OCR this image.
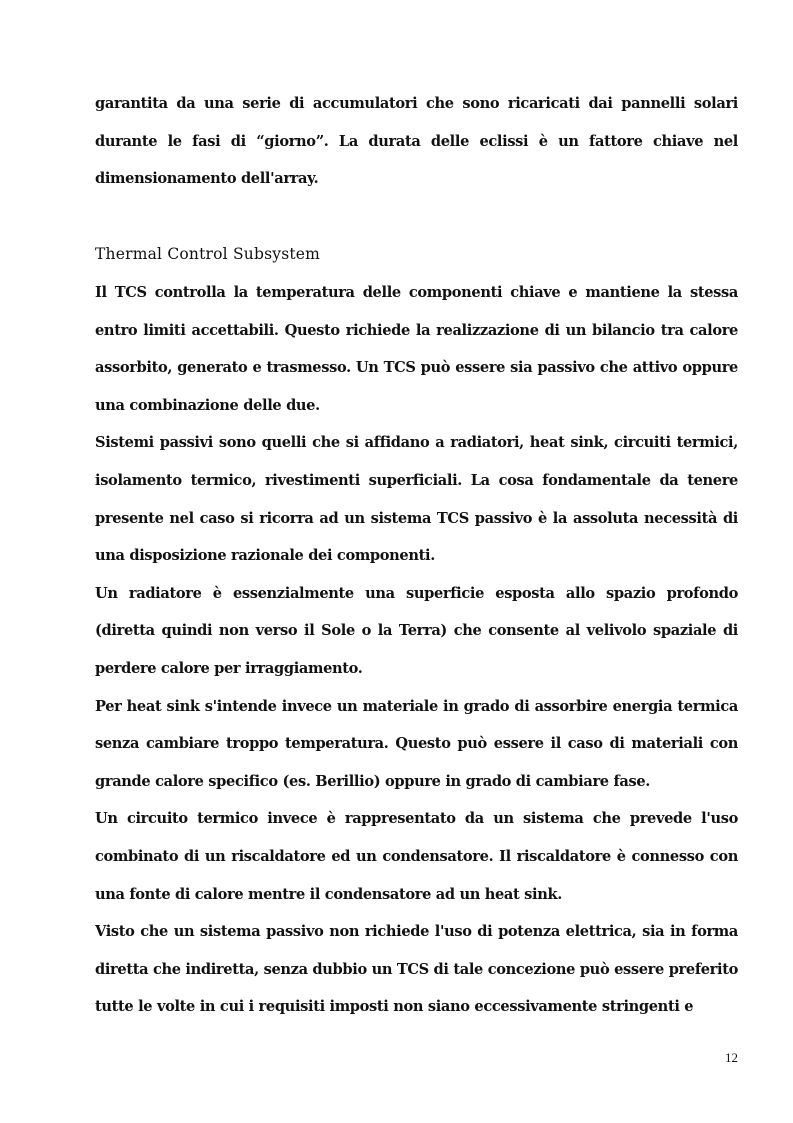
garantita da una serie di accumulatori che sono ricaricati dai pannelli solari durante le fasi di “giorno”. La durata delle eclissi è un fattore chiave nel dimensionamento dell'array.

Thermal Control Subsystem

Il TCS controlla la temperatura delle componenti chiave e mantiene la stessa entro limiti accettabili. Questo richiede la realizzazione di un bilancio tra calore assorbito, generato e trasmesso. Un TCS può essere sia passivo che attivo oppure una combinazione delle due.

Sistemi passivi sono quelli che si affidano a radiatori, heat sink, circuiti termici, isolamento termico, rivestimenti superficiali. La cosa fondamentale da tenere presente nel caso si ricorra ad un sistema TCS passivo è la assoluta necessità di una disposizione razionale dei componenti.

Un radiatore è essenzialmente una superficie esposta allo spazio profondo (diretta quindi non verso il Sole o la Terra) che consente al velivolo spaziale di perdere calore per irraggiamento.

Per heat sink s'intende invece un materiale in grado di assorbire energia termica senza cambiare troppo temperatura. Questo può essere il caso di materiali con grande calore specifico (es. Berillio) oppure in grado di cambiare fase.

Un circuito termico invece è rappresentato da un sistema che prevede l'uso combinato di un riscaldatore ed un condensatore. Il riscaldatore è connesso con una fonte di calore mentre il condensatore ad un heat sink.

Visto che un sistema passivo non richiede l'uso di potenza elettrica, sia in forma diretta che indiretta, senza dubbio un TCS di tale concezione può essere preferito tutte le volte in cui i requisiti imposti non siano eccessivamente stringenti e

12
